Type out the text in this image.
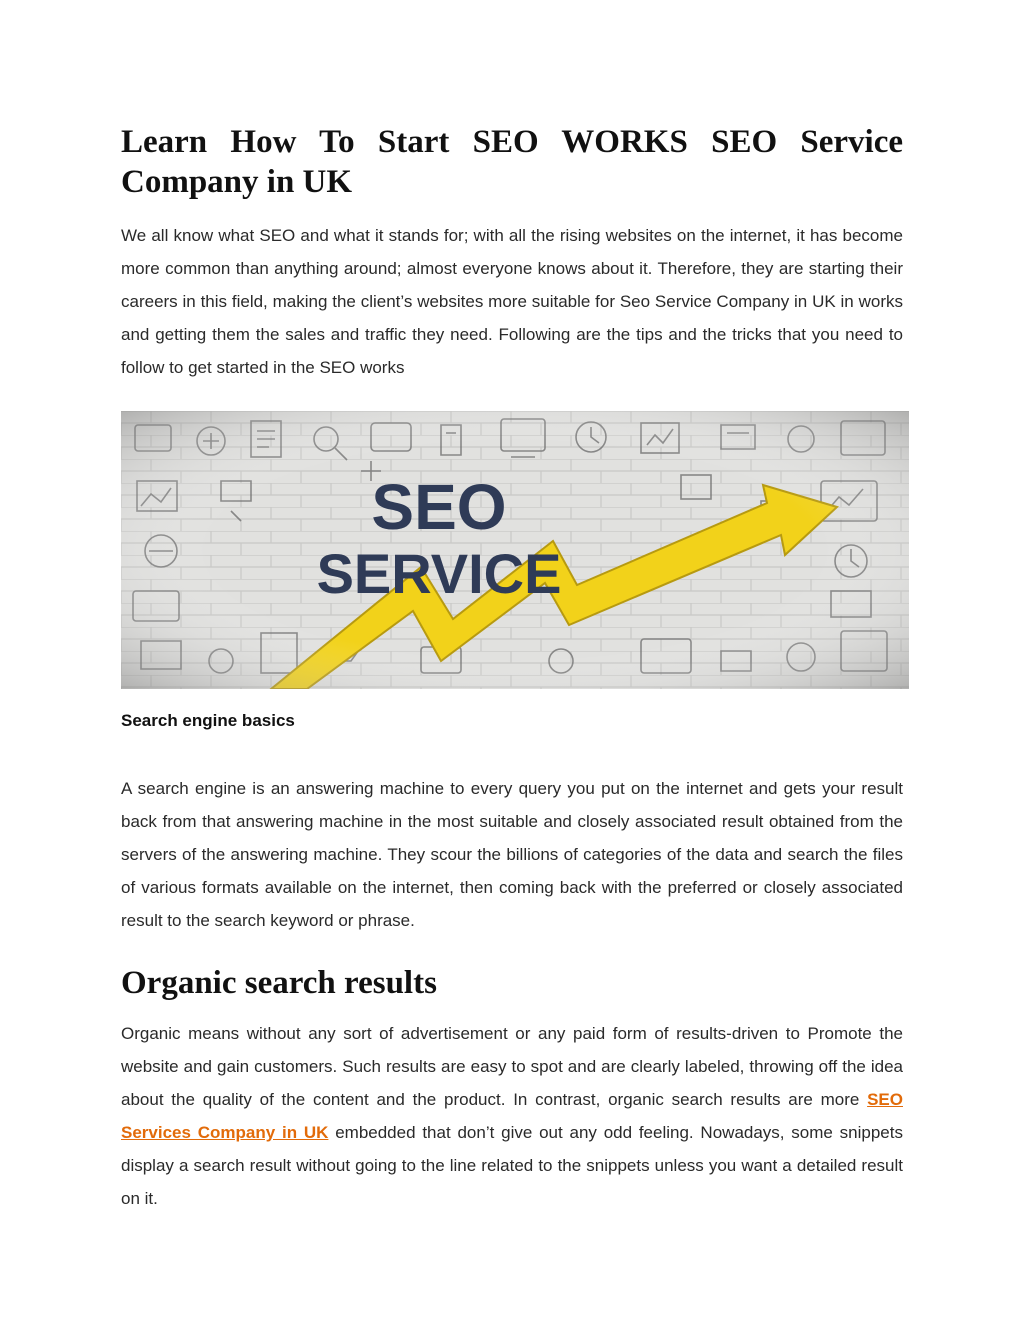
Learn How To Start SEO WORKS SEO Service Company in UK

We all know what SEO and what it stands for; with all the rising websites on the internet, it has become more common than anything around; almost everyone knows about it. Therefore, they are starting their careers in this field, making the client’s websites more suitable for Seo Service Company in UK in works and getting them the sales and traffic they need. Following are the tips and the tricks that you need to follow to get started in the SEO works

Search engine basics

A search engine is an answering machine to every query you put on the internet and gets your result back from that answering machine in the most suitable and closely associated result obtained from the servers of the answering machine. They scour the billions of categories of the data and search the files of various formats available on the internet, then coming back with the preferred or closely associated result to the search keyword or phrase.

Organic search results

Organic means without any sort of advertisement or any paid form of results-driven to Promote the website and gain customers. Such results are easy to spot and are clearly labeled, throwing off the idea about the quality of the content and the product. In contrast, organic search results are more SEO Services Company in UK embedded that don’t give out any odd feeling. Nowadays, some snippets display a search result without going to the line related to the snippets unless you want a detailed result on it.
